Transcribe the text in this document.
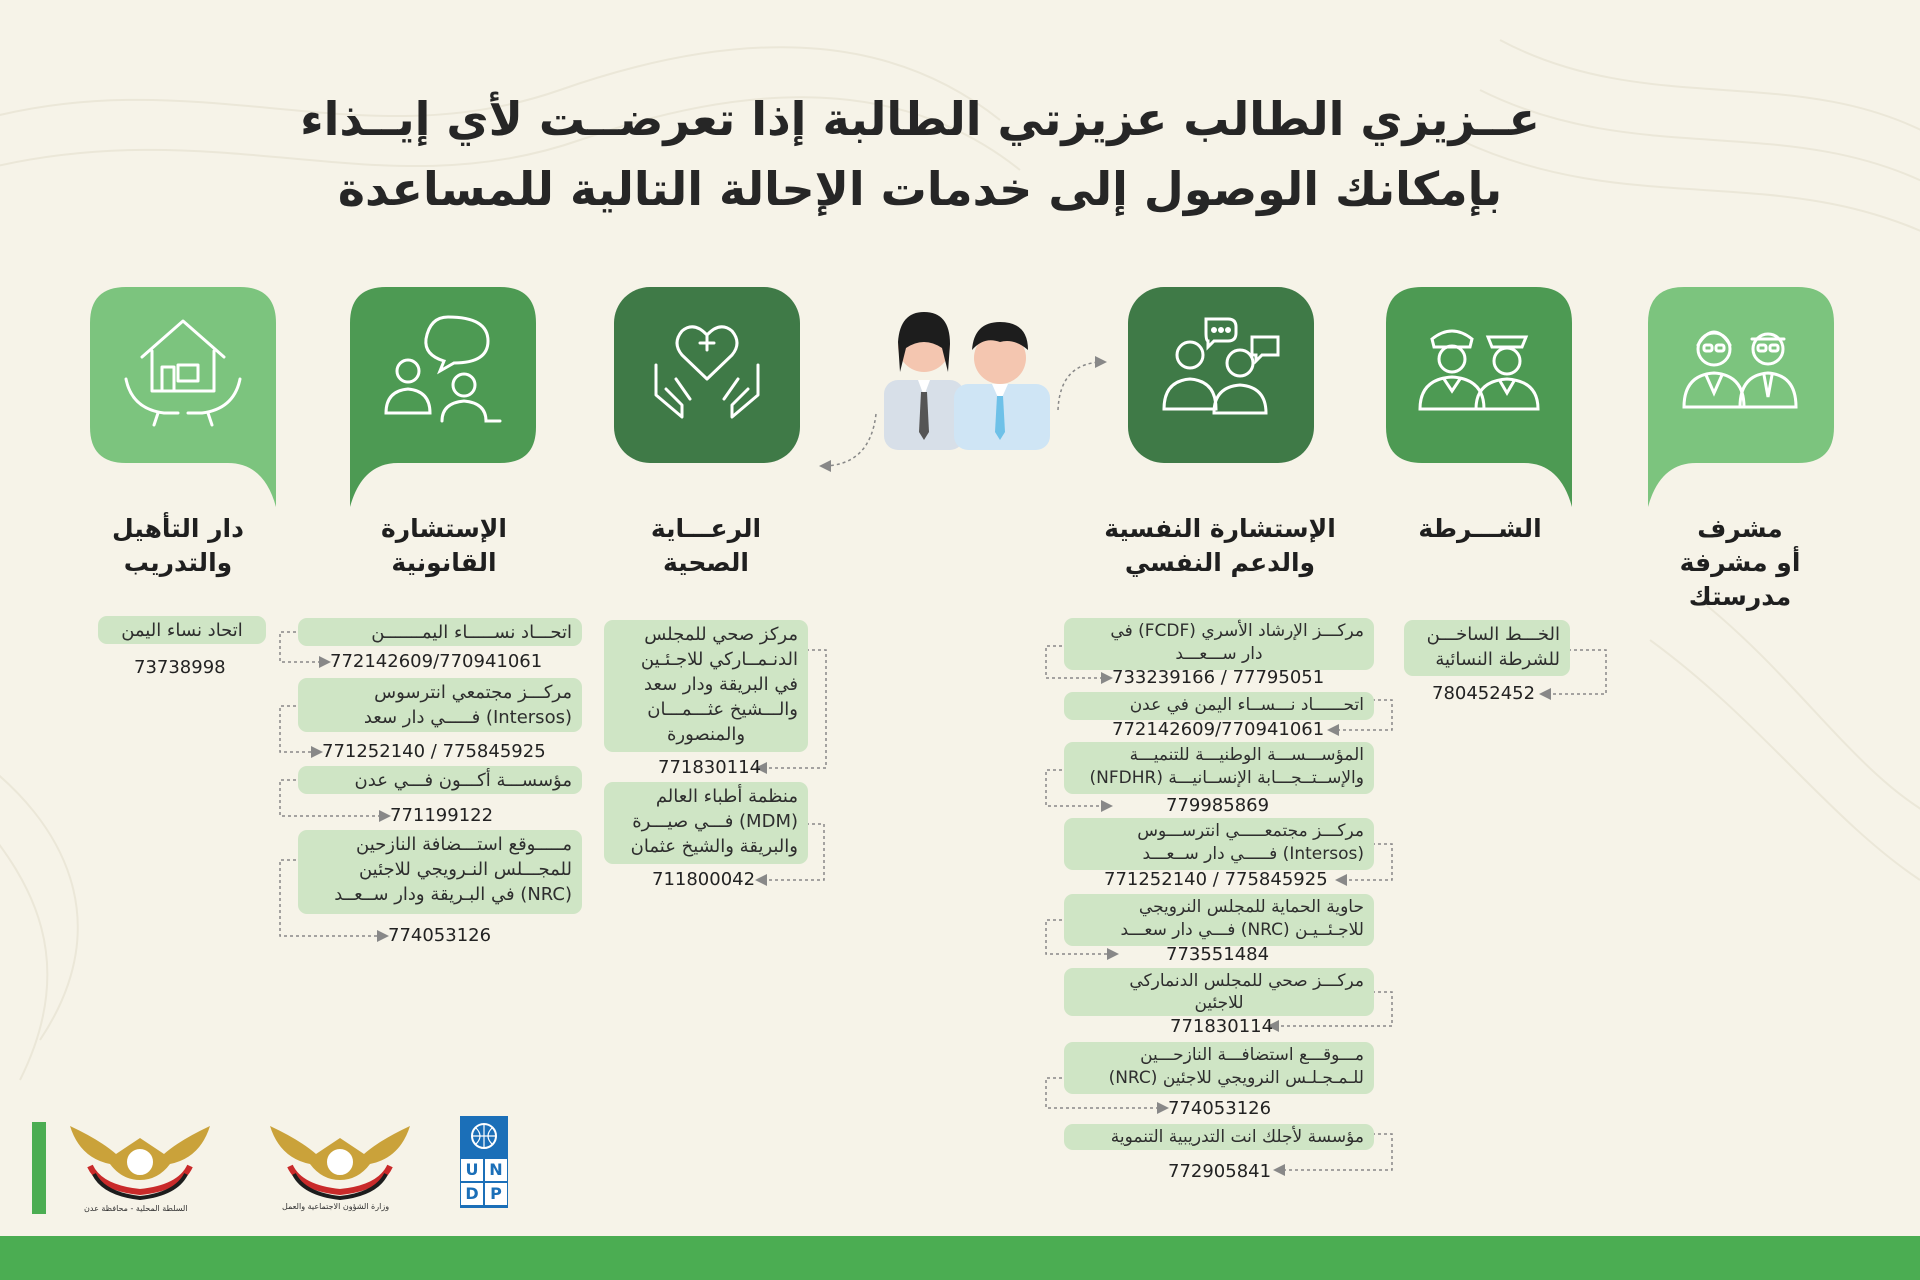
عــزيزي الطالب عزيزتي الطالبة إذا تعرضــت لأي إيــذاء
بإمكانك الوصول إلى خدمات الإحالة التالية للمساعدة
مشرف
أو مشرفة
مدرستك
الشـــرطة
الإستشارة النفسية
والدعم النفسي
الرعـــاية
الصحية
الإستشارة
القانونية
دار التأهيل
والتدريب
الخـــط الساخـــن
للشرطة النسائية
780452452
مركـــز الإرشاد الأسري (FCDF) في
دار ســـعـــد
733239166 / 77795051
اتحــــــاد نـــســاء اليمن في عدن
772142609/770941061
المؤســـســـة الوطنيـــة للتنميـــة
والإســتــجـــابة الإنســانيـــة (NFDHR)
779985869
مركـــز مجتمعـــــي انترســـوس
(Intersos) فـــــي دار ســعـــد
771252140 / 775845925
حاوية الحماية للمجلس النرويجي
للاجـئــيـن (NRC) فـــي دار سعـــد
773551484
مركـــز صحي للمجلس الدنماركي
للاجئين
771830114
مـــوقـــع استضافـــة النازحـــين
للـمـجـلـس النرويجي للاجئين (NRC)
774053126
مؤسسة لأجلك انت التدريبية التنموية
772905841
مركز صحي للمجلس
الدنـمــاركي للاجـئـين
في البريقة ودار سعد
والـــشيخ عثـــمـــان
والمنصورة
771830114
منظمة أطباء العالم
(MDM) فـــي صيـــرة
والبريقة والشيخ عثمان
711800042
اتحـــاد نســـــاء اليمـــــــن
772142609/770941061
مركـــز مجتمعي انترسوس
(Intersos) فـــــي دار سعد
771252140 / 775845925
مؤسســـة أكـــون فـــي عدن
771199122
مـــــوقع استـــضافة النازحين
للمجـــلس النـرويجي للاجئين
(NRC) في البـريقة ودار ســعــد
774053126
اتحاد نساء اليمن
73738998
السلطة المحلية - محافظة عدن	وزارة الشؤون الاجتماعية والعمل
U N
D P
